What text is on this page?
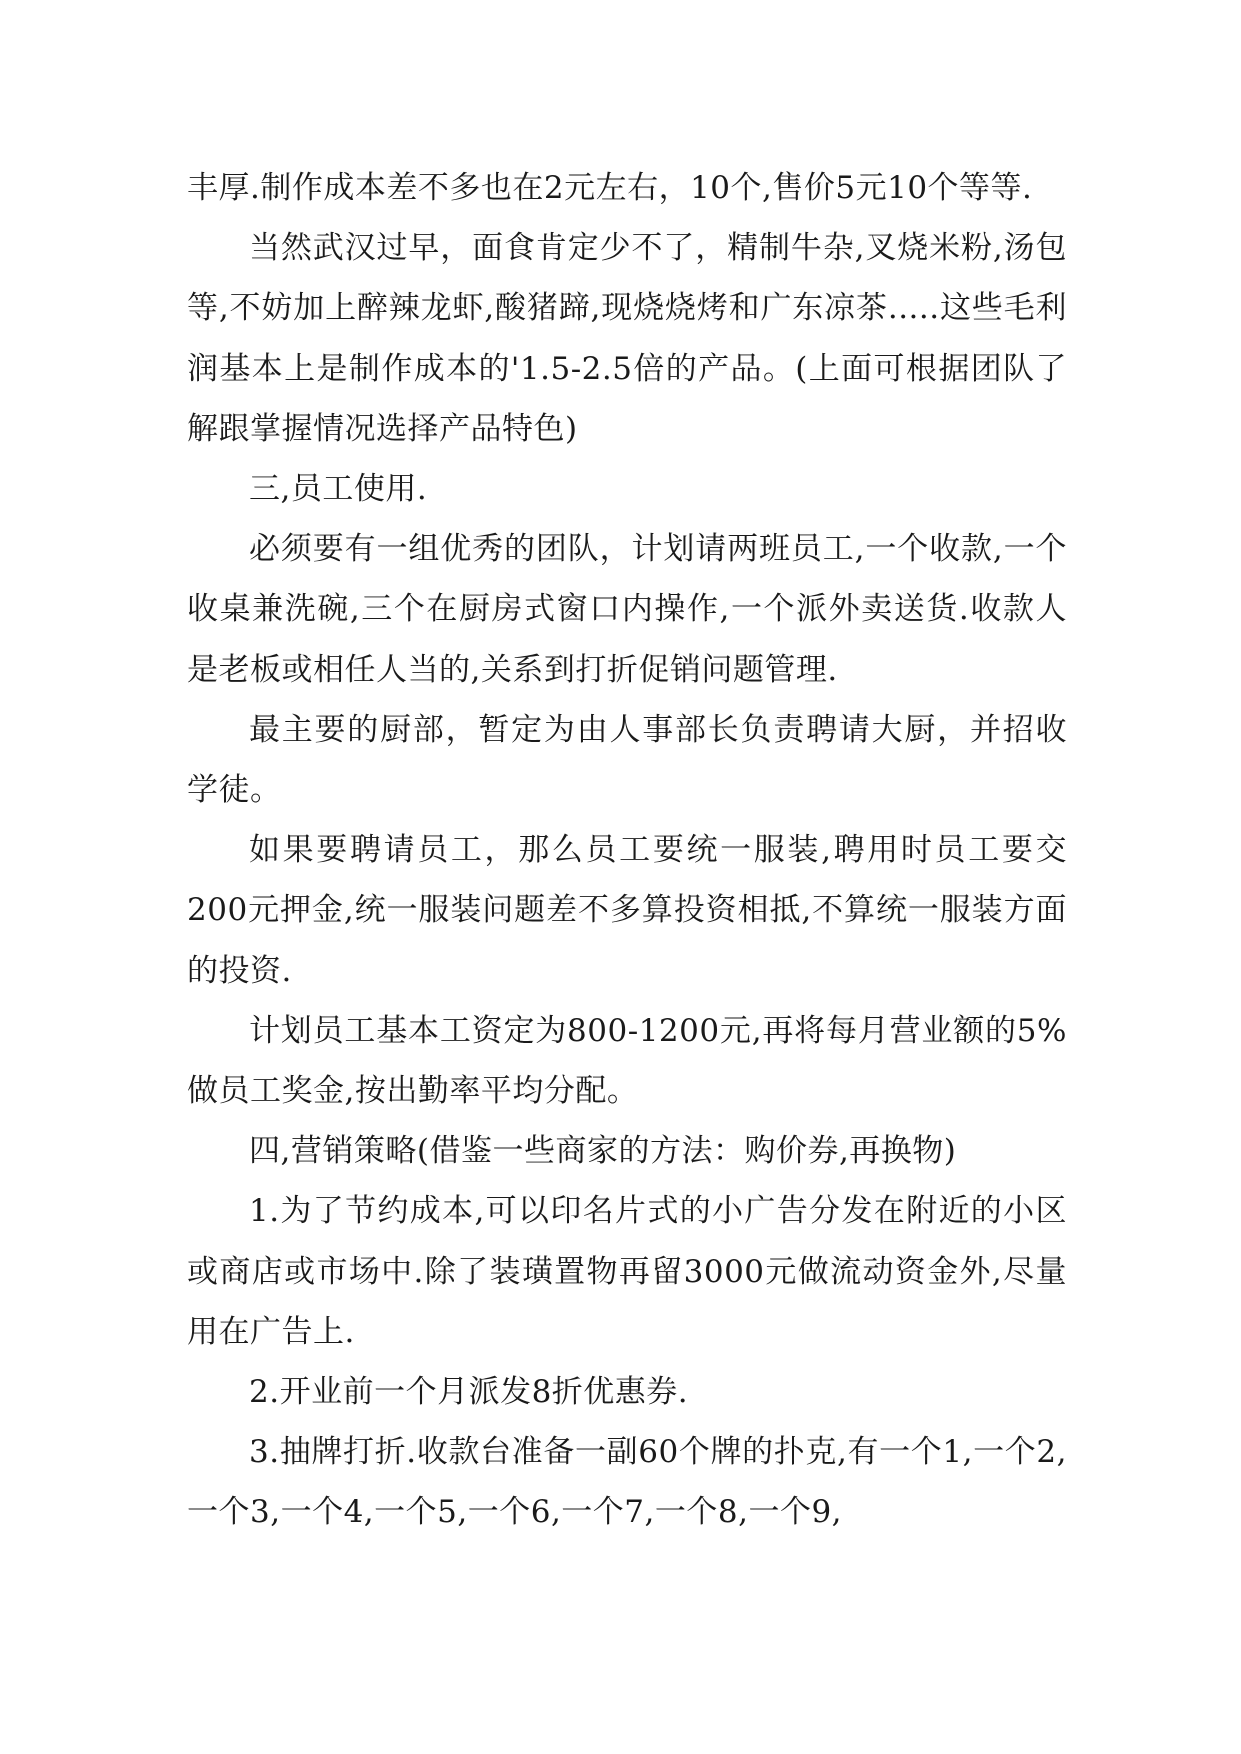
丰厚.制作成本差不多也在2元左右，10个,售价5元10个等等.

当然武汉过早，面食肯定少不了，精制牛杂,叉烧米粉,汤包等,不妨加上醉辣龙虾,酸猪蹄,现烧烧烤和广东凉茶.....这些毛利润基本上是制作成本的'1.5-2.5倍的产品。(上面可根据团队了解跟掌握情况选择产品特色)

三,员工使用.

必须要有一组优秀的团队，计划请两班员工,一个收款,一个收桌兼洗碗,三个在厨房式窗口内操作,一个派外卖送货.收款人是老板或相任人当的,关系到打折促销问题管理.

最主要的厨部，暂定为由人事部长负责聘请大厨，并招收学徒。

如果要聘请员工，那么员工要统一服装,聘用时员工要交200元押金,统一服装问题差不多算投资相抵,不算统一服装方面的投资.

计划员工基本工资定为800-1200元,再将每月营业额的5%做员工奖金,按出勤率平均分配。

四,营销策略(借鉴一些商家的方法：购价券,再换物)

1.为了节约成本,可以印名片式的小广告分发在附近的小区或商店或市场中.除了装璜置物再留3000元做流动资金外,尽量用在广告上.

2.开业前一个月派发8折优惠券.

3.抽牌打折.收款台准备一副60个牌的扑克,有一个1,一个2,一个3,一个4,一个5,一个6,一个7,一个8,一个9,
